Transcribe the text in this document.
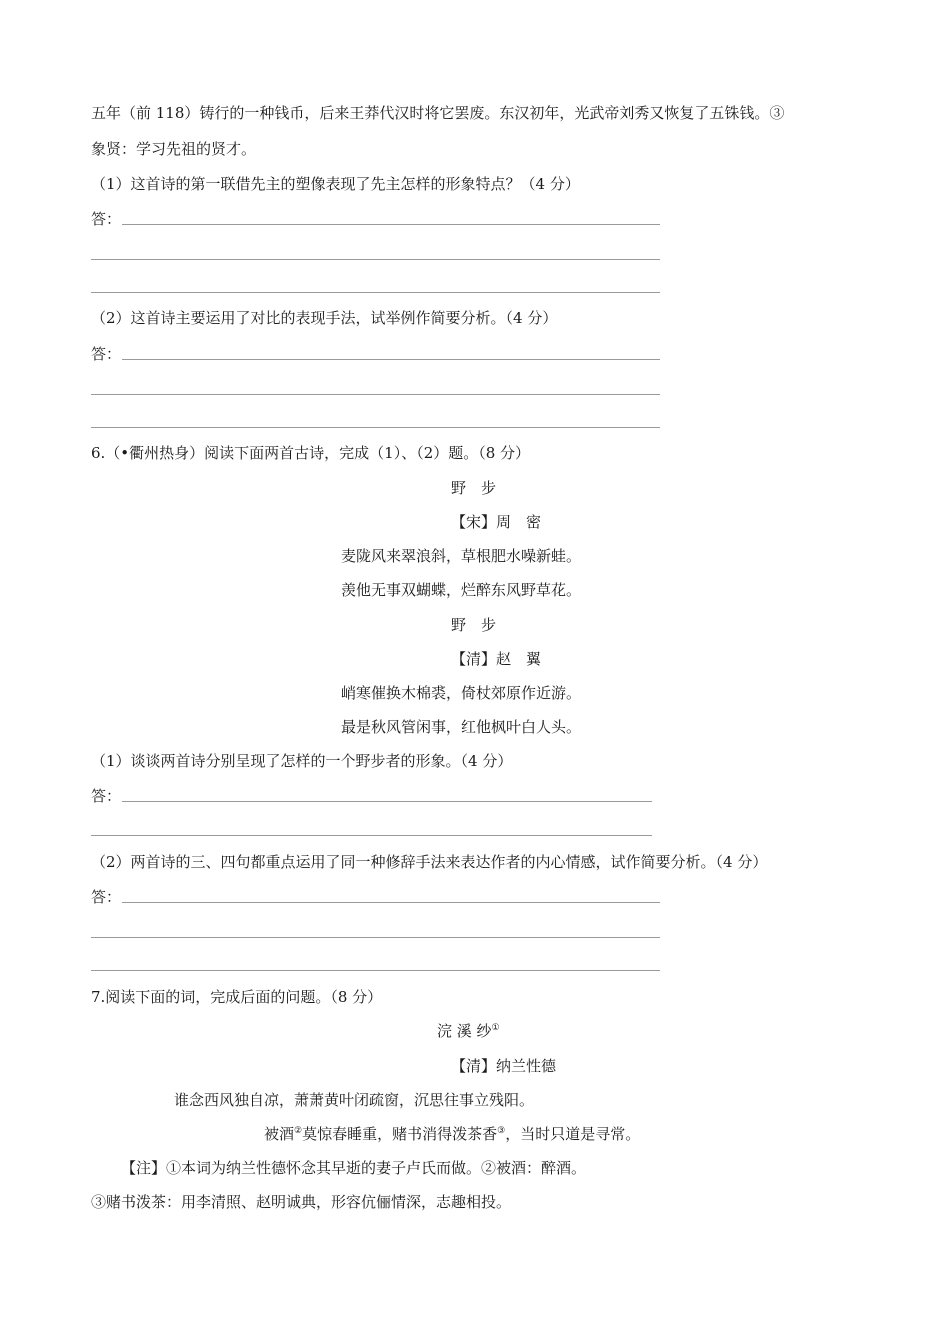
五年（前 118）铸行的一种钱币，后来王莽代汉时将它罢废。东汉初年，光武帝刘秀又恢复了五铢钱。③
象贤：学习先祖的贤才。
（1）这首诗的第一联借先主的塑像表现了先主怎样的形象特点？（4 分）
答：
（2）这首诗主要运用了对比的表现手法，试举例作简要分析。（4 分）
答：
6.（•衢州热身）阅读下面两首古诗，完成（1）、（2）题。（8 分）
野　步
【宋】周　密
麦陇风来翠浪斜，草根肥水噪新蛙。
羡他无事双蝴蝶，烂醉东风野草花。
野　步
【清】赵　翼
峭寒催换木棉裘，倚杖郊原作近游。
最是秋风管闲事，红他枫叶白人头。
（1）谈谈两首诗分别呈现了怎样的一个野步者的形象。（4 分）
答：
（2）两首诗的三、四句都重点运用了同一种修辞手法来表达作者的内心情感，试作简要分析。（4 分）
答：
7.阅读下面的词，完成后面的问题。（8 分）
浣 溪 纱①
【清】纳兰性德
谁念西风独自凉，萧萧黄叶闭疏窗，沉思往事立残阳。
被酒②莫惊春睡重，赌书消得泼茶香③，当时只道是寻常。
【注】①本词为纳兰性德怀念其早逝的妻子卢氏而做。②被酒：醉酒。
③赌书泼茶：用李清照、赵明诚典，形容伉俪情深，志趣相投。
